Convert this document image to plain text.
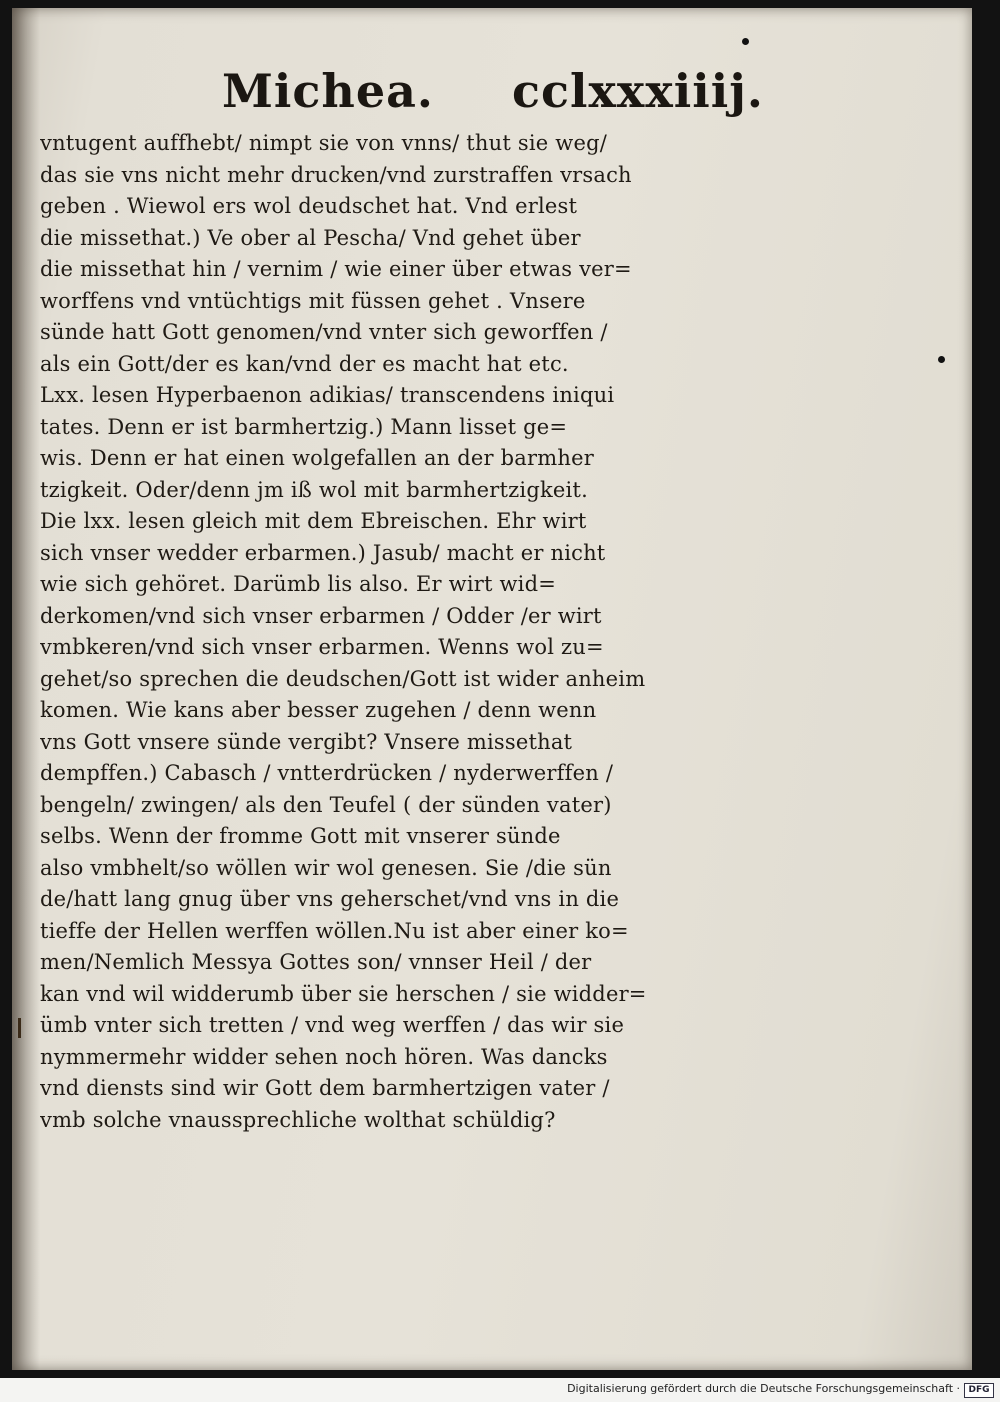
Michea. cclxxxiiij.
vntugent auffhebt/ nimpt sie von vnns/ thut sie weg/
das sie vns nicht mehr drucken/vnd zurstraffen vrsach
geben . Wiewol ers wol deudschet hat. Vnd erlest
die missethat.) Ve ober al Pescha/ Vnd gehet über
die missethat hin / vernim / wie einer über etwas ver=
worffens vnd vntüchtigs mit füssen gehet . Vnsere
sünde hatt Gott genomen/vnd vnter sich geworffen /
als ein Gott/der es kan/vnd der es macht hat etc.
Lxx. lesen Hyperbaenon adikias/ transcendens iniqui
tates. Denn er ist barmhertzig.) Mann lisset ge=
wis. Denn er hat einen wolgefallen an der barmher
tzigkeit. Oder/denn jm iß wol mit barmhertzigkeit.
Die lxx. lesen gleich mit dem Ebreischen. Ehr wirt
sich vnser wedder erbarmen.) Jasub/ macht er nicht
wie sich gehöret. Darümb lis also. Er wirt wid=
derkomen/vnd sich vnser erbarmen / Odder /er wirt
vmbkeren/vnd sich vnser erbarmen. Wenns wol zu=
gehet/so sprechen die deudschen/Gott ist wider anheim
komen. Wie kans aber besser zugehen / denn wenn
vns Gott vnsere sünde vergibt? Vnsere missethat
dempffen.) Cabasch / vntterdrücken / nyderwerffen /
bengeln/ zwingen/ als den Teufel ( der sünden vater)
selbs. Wenn der fromme Gott mit vnserer sünde
also vmbhelt/so wöllen wir wol genesen. Sie /die sün
de/hatt lang gnug über vns geherschet/vnd vns in die
tieffe der Hellen werffen wöllen.Nu ist aber einer ko=
men/Nemlich Messya Gottes son/ vnnser Heil / der
kan vnd wil widderumb über sie herschen / sie widder=
ümb vnter sich tretten / vnd weg werffen / das wir sie
nymmermehr widder sehen noch hören. Was dancks
vnd diensts sind wir Gott dem barmhertzigen vater /
vmb solche vnaussprechliche wolthat schüldig?
Digitalisierung gefördert durch die Deutsche Forschungsgemeinschaft · DFG
